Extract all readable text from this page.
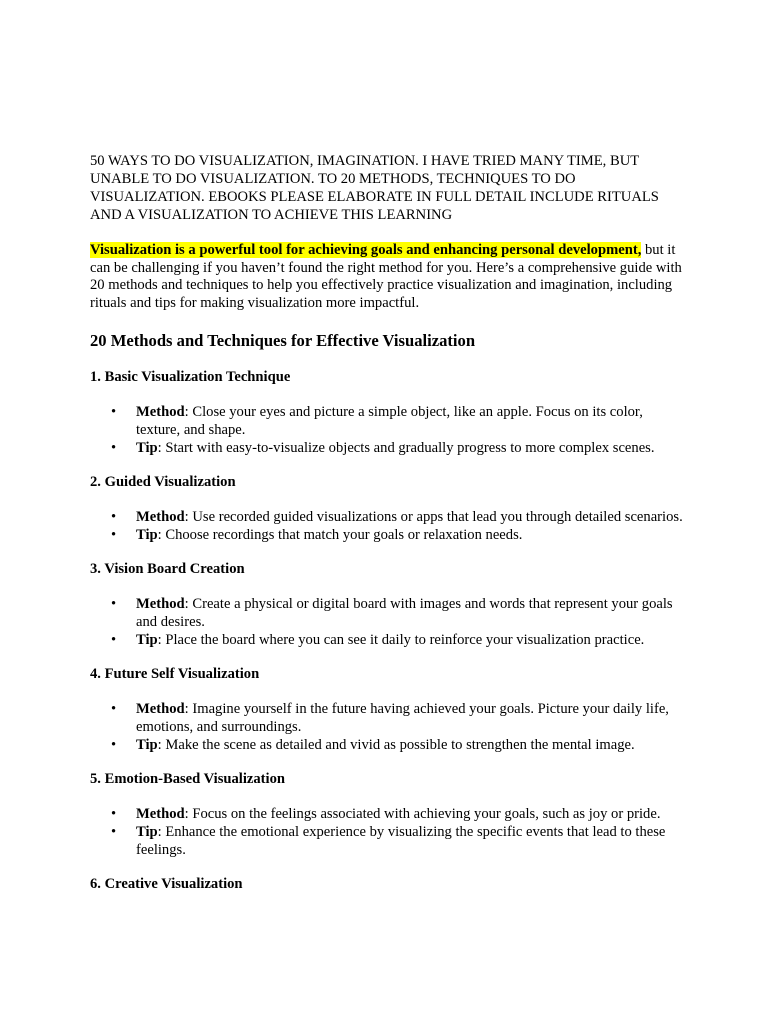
50 WAYS TO DO VISUALIZATION, IMAGINATION. I HAVE TRIED MANY TIME, BUT UNABLE TO DO VISUALIZATION. TO 20 METHODS, TECHNIQUES TO DO VISUALIZATION. EBOOKS PLEASE ELABORATE IN FULL DETAIL INCLUDE RITUALS AND A VISUALIZATION TO ACHIEVE THIS LEARNING

Visualization is a powerful tool for achieving goals and enhancing personal development, but it can be challenging if you haven’t found the right method for you. Here’s a comprehensive guide with 20 methods and techniques to help you effectively practice visualization and imagination, including rituals and tips for making visualization more impactful.

20 Methods and Techniques for Effective Visualization
1. Basic Visualization Technique
• Method: Close your eyes and picture a simple object, like an apple. Focus on its color, texture, and shape.
• Tip: Start with easy-to-visualize objects and gradually progress to more complex scenes.
2. Guided Visualization
• Method: Use recorded guided visualizations or apps that lead you through detailed scenarios.
• Tip: Choose recordings that match your goals or relaxation needs.
3. Vision Board Creation
• Method: Create a physical or digital board with images and words that represent your goals and desires.
• Tip: Place the board where you can see it daily to reinforce your visualization practice.
4. Future Self Visualization
• Method: Imagine yourself in the future having achieved your goals. Picture your daily life, emotions, and surroundings.
• Tip: Make the scene as detailed and vivid as possible to strengthen the mental image.
5. Emotion-Based Visualization
• Method: Focus on the feelings associated with achieving your goals, such as joy or pride.
• Tip: Enhance the emotional experience by visualizing the specific events that lead to these feelings.
6. Creative Visualization
